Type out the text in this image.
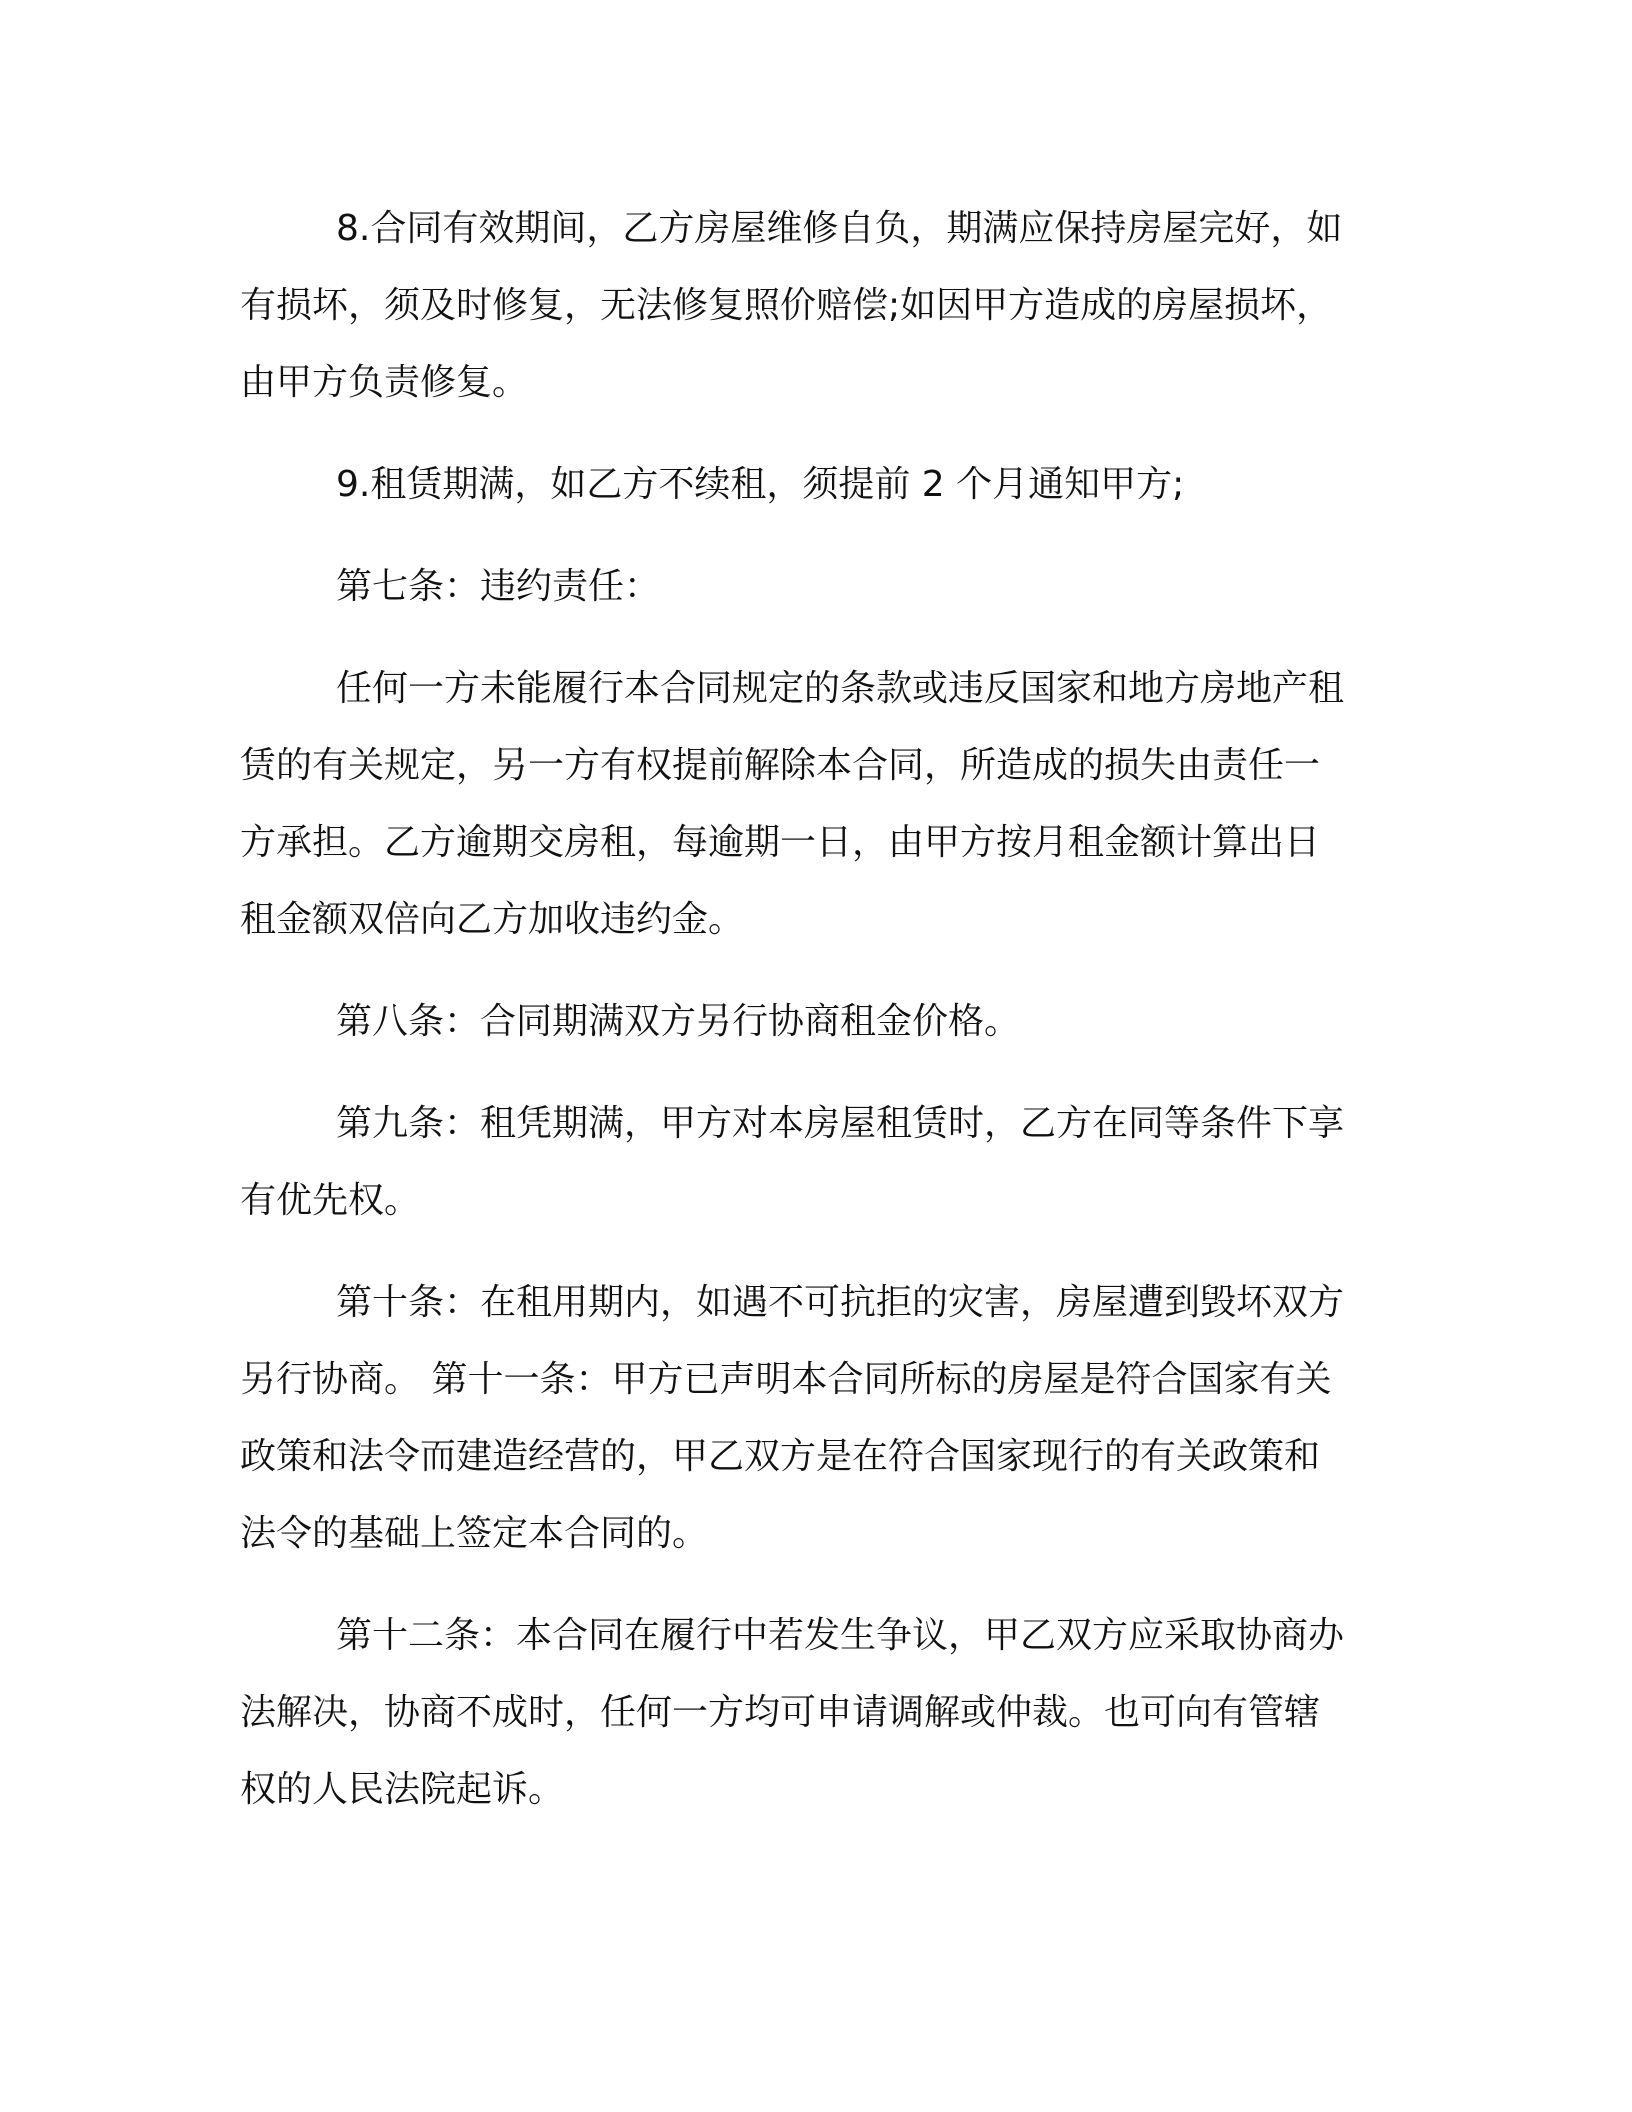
8.合同有效期间，乙方房屋维修自负，期满应保持房屋完好，如
有损坏，须及时修复，无法修复照价赔偿;如因甲方造成的房屋损坏，
由甲方负责修复。

9.租赁期满，如乙方不续租，须提前 2 个月通知甲方;

第七条：违约责任：

任何一方未能履行本合同规定的条款或违反国家和地方房地产租
赁的有关规定，另一方有权提前解除本合同，所造成的损失由责任一
方承担。乙方逾期交房租，每逾期一日，由甲方按月租金额计算出日
租金额双倍向乙方加收违约金。

第八条：合同期满双方另行协商租金价格。

第九条：租凭期满，甲方对本房屋租赁时，乙方在同等条件下享
有优先权。

第十条：在租用期内，如遇不可抗拒的灾害，房屋遭到毁坏双方
另行协商。 第十一条：甲方已声明本合同所标的房屋是符合国家有关
政策和法令而建造经营的，甲乙双方是在符合国家现行的有关政策和
法令的基础上签定本合同的。

第十二条：本合同在履行中若发生争议，甲乙双方应采取协商办
法解决，协商不成时，任何一方均可申请调解或仲裁。也可向有管辖
权的人民法院起诉。
